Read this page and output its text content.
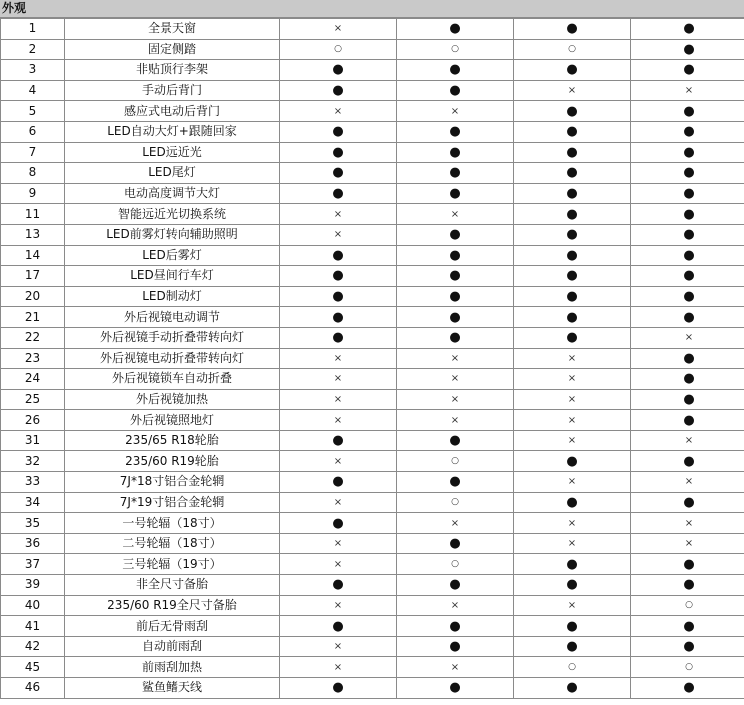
外观
1	全景天窗	×	●	●	●
2	固定侧踏	○	○	○	●
3	非贴顶行李架	●	●	●	●
4	手动后背门	●	●	×	×
5	感应式电动后背门	×	×	●	●
6	LED自动大灯+跟随回家	●	●	●	●
7	LED远近光	●	●	●	●
8	LED尾灯	●	●	●	●
9	电动高度调节大灯	●	●	●	●
11	智能远近光切换系统	×	×	●	●
13	LED前雾灯转向辅助照明	×	●	●	●
14	LED后雾灯	●	●	●	●
17	LED昼间行车灯	●	●	●	●
20	LED制动灯	●	●	●	●
21	外后视镜电动调节	●	●	●	●
22	外后视镜手动折叠带转向灯	●	●	●	×
23	外后视镜电动折叠带转向灯	×	×	×	●
24	外后视镜锁车自动折叠	×	×	×	●
25	外后视镜加热	×	×	×	●
26	外后视镜照地灯	×	×	×	●
31	235/65 R18轮胎	●	●	×	×
32	235/60 R19轮胎	×	○	●	●
33	7J*18寸铝合金轮辋	●	●	×	×
34	7J*19寸铝合金轮辋	×	○	●	●
35	一号轮辐（18寸）	●	×	×	×
36	二号轮辐（18寸）	×	●	×	×
37	三号轮辐（19寸）	×	○	●	●
39	非全尺寸备胎	●	●	●	●
40	235/60 R19全尺寸备胎	×	×	×	○
41	前后无骨雨刮	●	●	●	●
42	自动前雨刮	×	●	●	●
45	前雨刮加热	×	×	○	○
46	鲨鱼鳍天线	●	●	●	●
